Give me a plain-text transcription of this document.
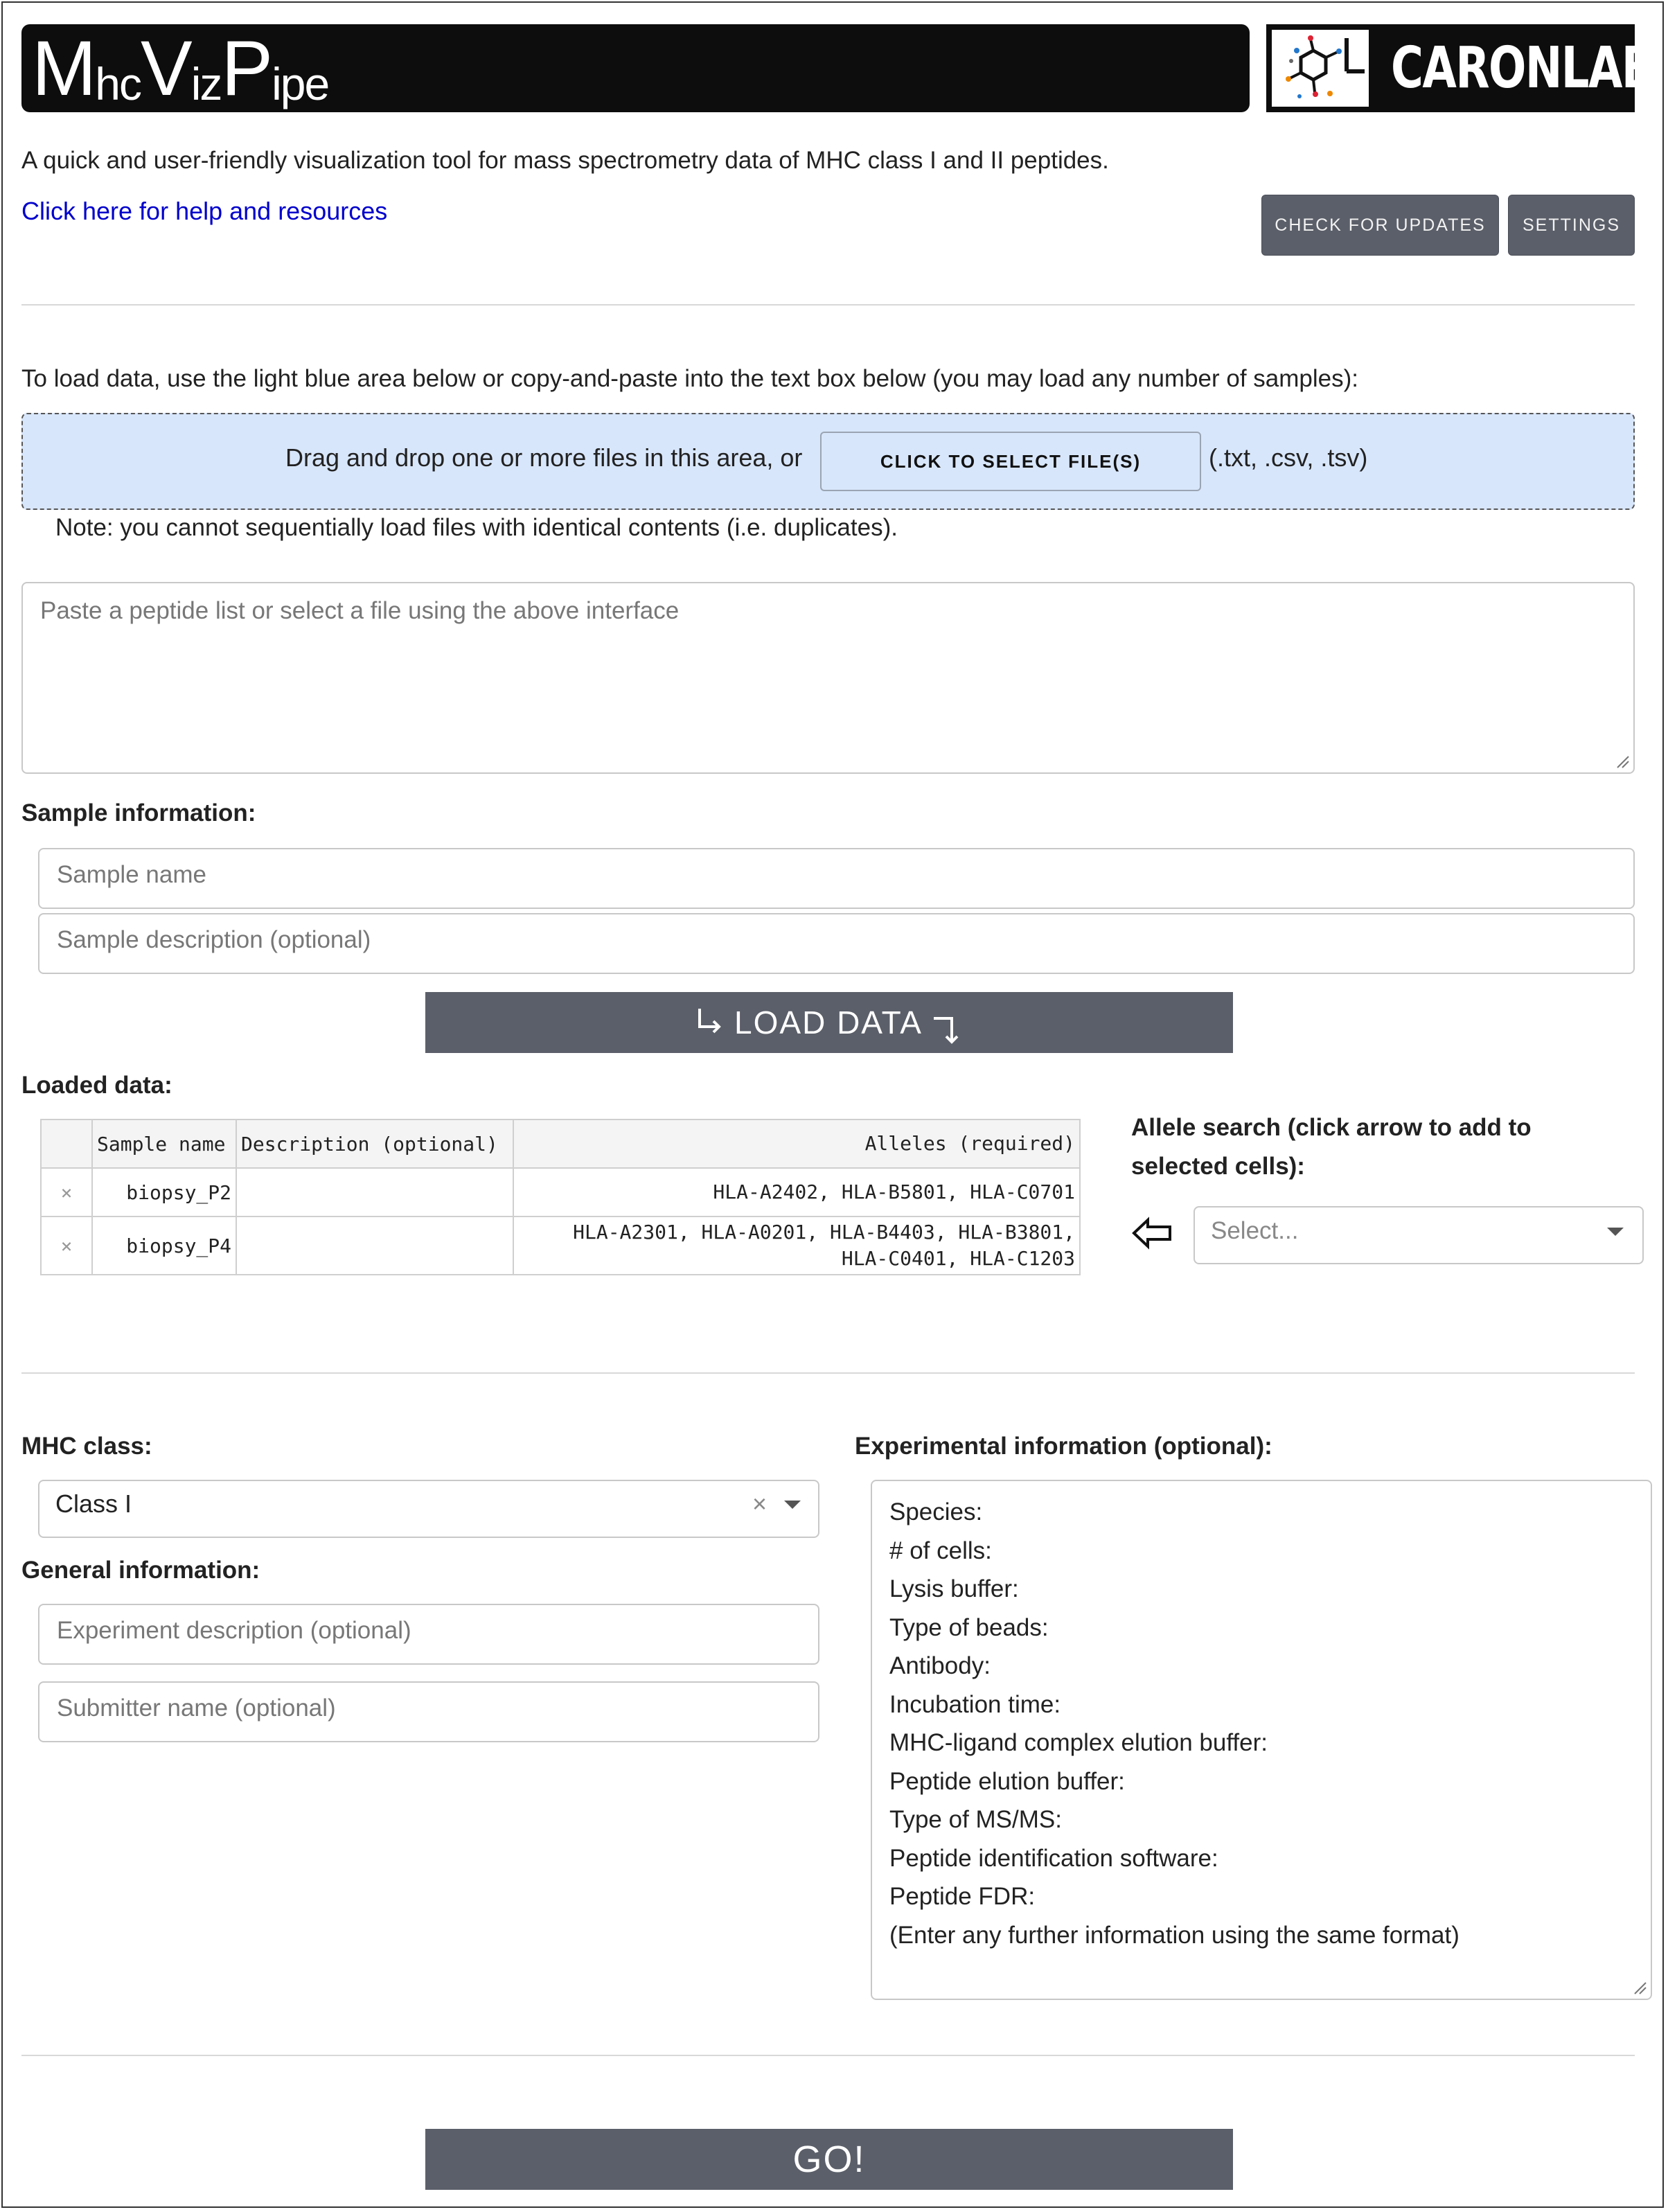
M hc V iz P ipe	CARONLAB
A quick and user-friendly visualization tool for mass spectrometry data of MHC class I and II peptides.
Click here for help and resources	CHECK FOR UPDATES	SETTINGS
To load data, use the light blue area below or copy-and-paste into the text box below (you may load any number of samples):
Drag and drop one or more files in this area, or	CLICK TO SELECT FILE(S)	(.txt, .csv, .tsv)
Note: you cannot sequentially load files with identical contents (i.e. duplicates).
Paste a peptide list or select a file using the above interface
Sample information:
Sample name
Sample description (optional)
LOAD DATA
Loaded data:
	Sample name	Description (optional)	Alleles (required)
×	biopsy_P2		HLA-A2402, HLA-B5801, HLA-C0701

×	biopsy_P4		HLA-A2301, HLA-A0201, HLA-B4403, HLA-B3801,
HLA-C0401, HLA-C1203
Allele search (click arrow to add to selected cells):
Select...
MHC class:
Class I	×
General information:
Experiment description (optional)
Submitter name (optional)
Experimental information (optional):
Species:
# of cells:
Lysis buffer:
Type of beads:
Antibody:
Incubation time:
MHC-ligand complex elution buffer:
Peptide elution buffer:
Type of MS/MS:
Peptide identification software:
Peptide FDR:
(Enter any further information using the same format)
GO!
